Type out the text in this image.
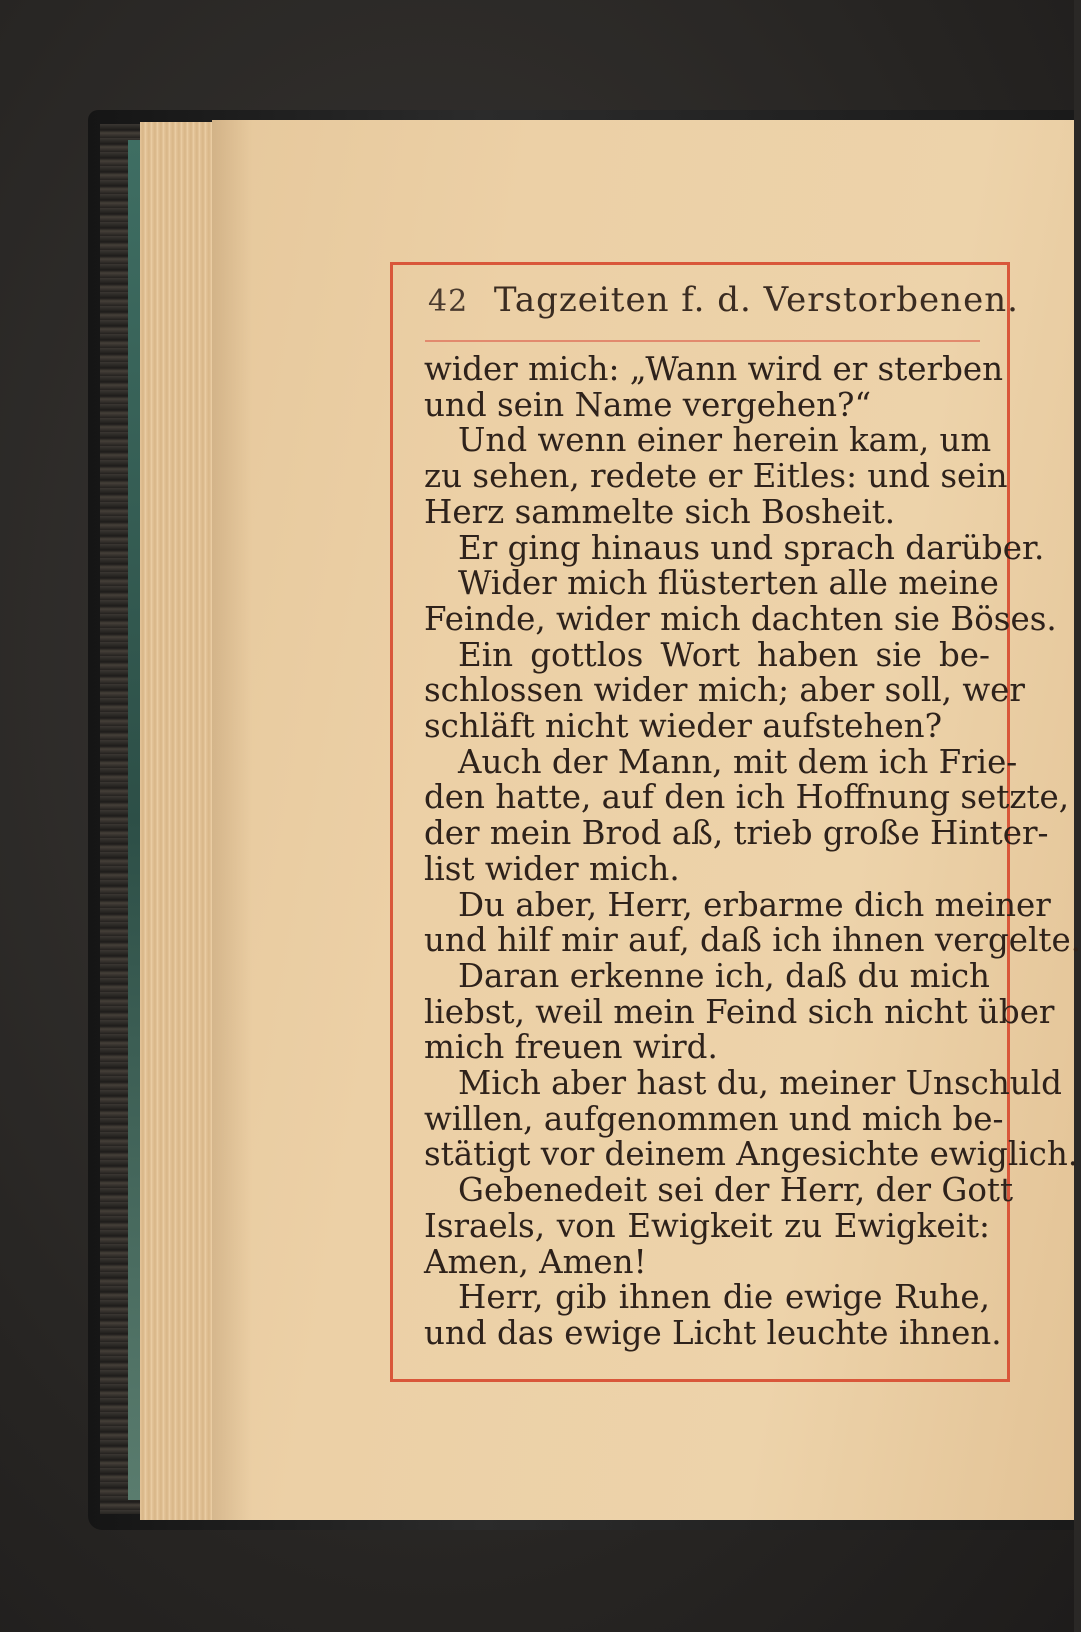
42 Tagzeiten f. d. Verstorbenen.
wider mich: „Wann wird er sterben
und sein Name vergehen?“
Und wenn einer herein kam, um
zu sehen, redete er Eitles: und sein
Herz sammelte sich Bosheit.
Er ging hinaus und sprach darüber.
Wider mich flüsterten alle meine
Feinde, wider mich dachten sie Böses.
Ein gottlos Wort haben sie be-
schlossen wider mich; aber soll, wer
schläft nicht wieder aufstehen?
Auch der Mann, mit dem ich Frie-
den hatte, auf den ich Hoffnung setzte,
der mein Brod aß, trieb große Hinter-
list wider mich.
Du aber, Herr, erbarme dich meiner
und hilf mir auf, daß ich ihnen vergelte.
Daran erkenne ich, daß du mich
liebst, weil mein Feind sich nicht über
mich freuen wird.
Mich aber hast du, meiner Unschuld
willen, aufgenommen und mich be-
stätigt vor deinem Angesichte ewiglich.
Gebenedeit sei der Herr, der Gott
Israels, von Ewigkeit zu Ewigkeit:
Amen, Amen!
Herr, gib ihnen die ewige Ruhe,
und das ewige Licht leuchte ihnen.
